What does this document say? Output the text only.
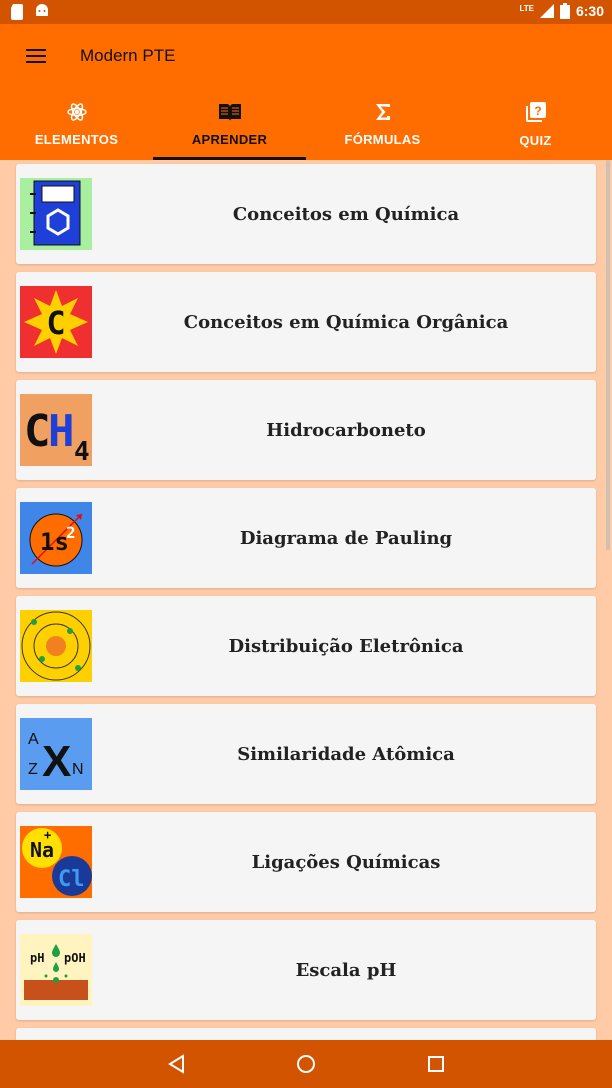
LTE	6:30
Modern PTE
ELEMENTOS	APRENDER	FÓRMULAS
?
QUIZ
Conceitos em Química
C	Conceitos em Química Orgânica
C
H 4
Hidrocarboneto
1s
2	Diagrama de Pauling
Distribuição Eletrônica
A
Z X N
Similaridade Atômica
Na
+
Cl
Ligações Químicas
pH pOH
Escala pH
